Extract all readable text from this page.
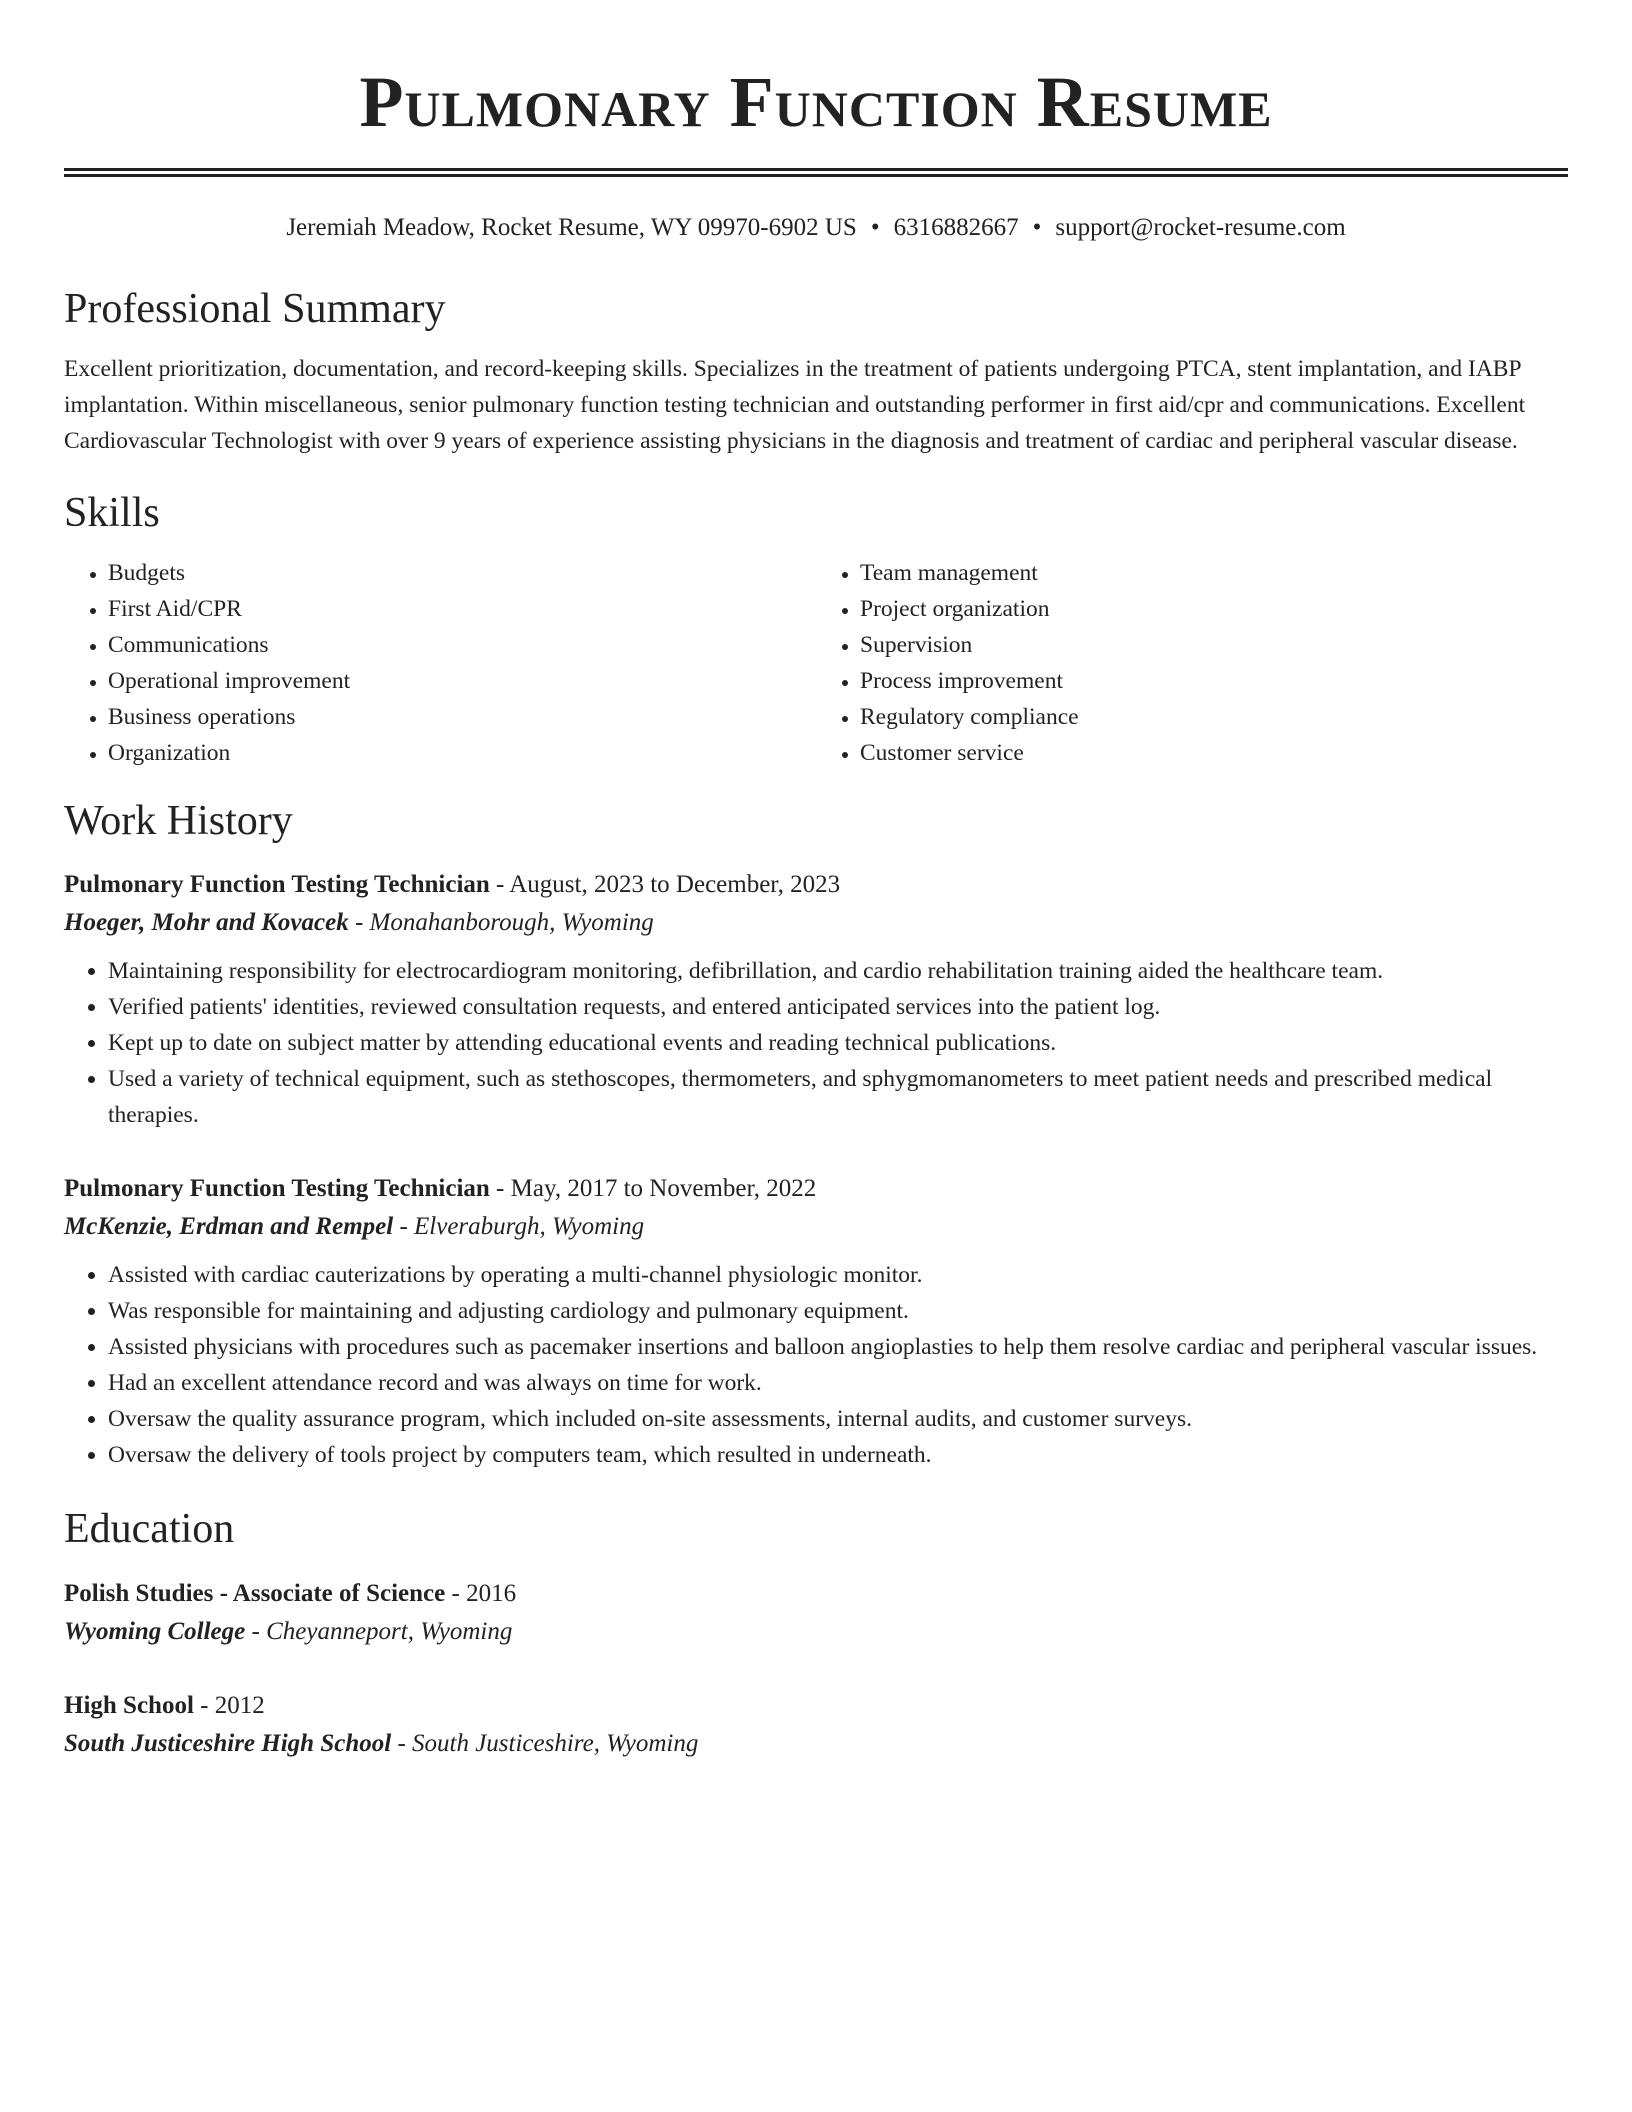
Pulmonary Function Resume
Jeremiah Meadow, Rocket Resume, WY 09970-6902 US • 6316882667 • support@rocket-resume.com
Professional Summary

Excellent prioritization, documentation, and record-keeping skills. Specializes in the treatment of patients undergoing PTCA, stent implantation, and IABP implantation. Within miscellaneous, senior pulmonary function testing technician and outstanding performer in first aid/cpr and communications. Excellent Cardiovascular Technologist with over 9 years of experience assisting physicians in the diagnosis and treatment of cardiac and peripheral vascular disease.

Skills
• Budgets
• First Aid/CPR
• Communications
• Operational improvement
• Business operations
• Organization
• Team management
• Project organization
• Supervision
• Process improvement
• Regulatory compliance
• Customer service
Work History
Pulmonary Function Testing Technician - August, 2023 to December, 2023
Hoeger, Mohr and Kovacek - Monahanborough, Wyoming
• Maintaining responsibility for electrocardiogram monitoring, defibrillation, and cardio rehabilitation training aided the healthcare team.
• Verified patients' identities, reviewed consultation requests, and entered anticipated services into the patient log.
• Kept up to date on subject matter by attending educational events and reading technical publications.
• Used a variety of technical equipment, such as stethoscopes, thermometers, and sphygmomanometers to meet patient needs and prescribed medical therapies.
Pulmonary Function Testing Technician - May, 2017 to November, 2022
McKenzie, Erdman and Rempel - Elveraburgh, Wyoming
• Assisted with cardiac cauterizations by operating a multi-channel physiologic monitor.
• Was responsible for maintaining and adjusting cardiology and pulmonary equipment.
• Assisted physicians with procedures such as pacemaker insertions and balloon angioplasties to help them resolve cardiac and peripheral vascular issues.
• Had an excellent attendance record and was always on time for work.
• Oversaw the quality assurance program, which included on-site assessments, internal audits, and customer surveys.
• Oversaw the delivery of tools project by computers team, which resulted in underneath.
Education
Polish Studies - Associate of Science - 2016
Wyoming College - Cheyanneport, Wyoming
High School - 2012
South Justiceshire High School - South Justiceshire, Wyoming
